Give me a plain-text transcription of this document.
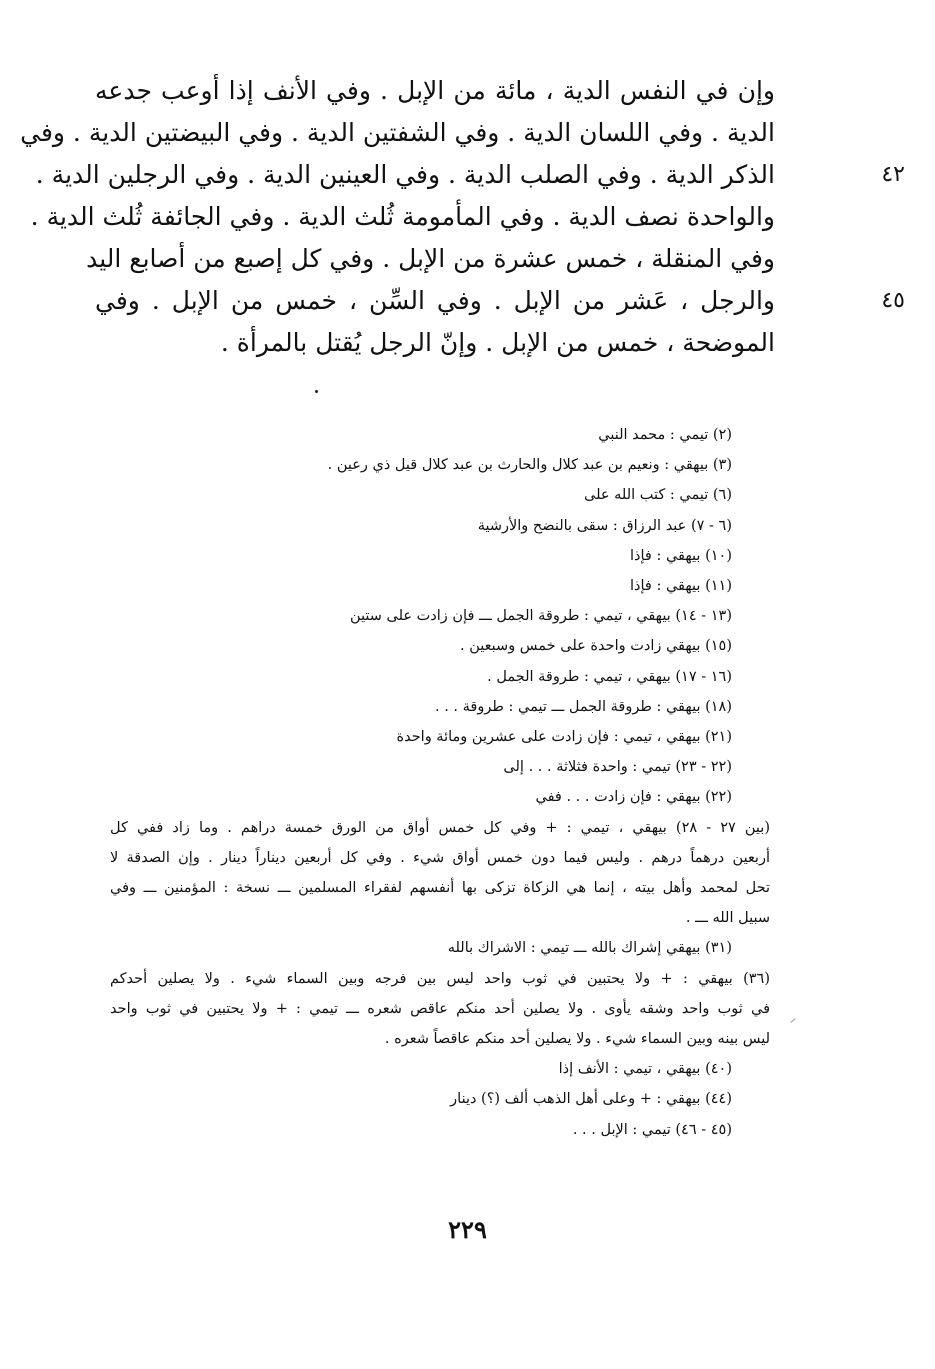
وإن في النفس الدية ، مائة من الإبل . وفي الأنف إذا أوعب جدعه
الدية . وفي اللسان الدية . وفي الشفتين الدية . وفي البيضتين الدية . وفي
٤٢
الذكر الدية . وفي الصلب الدية . وفي العينين الدية . وفي الرجلين الدية .
والواحدة نصف الدية . وفي المأمومة ثُلث الدية . وفي الجائفة ثُلث الدية .
وفي المنقلة ، خمس عشرة من الإبل . وفي كل إصبع من أصابع اليد
٤٥
والرجل ، عَشر من الإبل . وفي السِّن ، خمس من الإبل . وفي
الموضحة ، خمس من الإبل . وإنّ الرجل يُقتل بالمرأة .
(٢) تيمي : محمد النبي
(٣) بيهقي : ونعيم بن عبد كلال والحارث بن عبد كلال قيل ذي رعين .
(٦) تيمي : كتب الله على
(٦ - ٧) عبد الرزاق : سقى بالنضح والأرشية
(١٠) بيهقي : فإذا
(١١) بيهقي : فإذا
(١٣ - ١٤) بيهقي ، تيمي : طروقة الجمل ـــ فإن زادت على ستين
(١٥) بيهقي زادت واحدة على خمس وسبعين .
(١٦ - ١٧) بيهقي ، تيمي : طروقة الجمل .
(١٨) بيهقي : طروقة الجمل ـــ تيمي : طروقة . . .
(٢١) بيهقي ، تيمي : فإن زادت على عشرين ومائة واحدة
(٢٢ - ٢٣) تيمي : واحدة فثلاثة . . . إلى
(٢٢) بيهقي : فإن زادت . . . ففي
(بين ٢٧ - ٢٨) بيهقي ، تيمي : + وفي كل خمس أواق من الورق خمسة دراهم . وما زاد ففي كل
أربعين درهماً درهم . وليس فيما دون خمس أواق شيء . وفي كل أربعين ديناراً دينار . وإن الصدقة لا
تحل لمحمد وأهل بيته ، إنما هي الزكاة تزكى بها أنفسهم لفقراء المسلمين ـــ نسخة : المؤمنين ـــ وفي
سبيل الله ـــ .
(٣١) بيهقي إشراك بالله ـــ تيمي : الاشراك بالله
(٣٦) بيهقي : + ولا يحتبين في ثوب واحد ليس بين فرجه وبين السماء شيء . ولا يصلين أحدكم
في ثوب واحد وشقه يأوى . ولا يصلين أحد منكم عاقص شعره ـــ تيمي : + ولا يحتبين في ثوب واحد
ليس بينه وبين السماء شيء . ولا يصلين أحد منكم عاقصاً شعره .
(٤٠) بيهقي ، تيمي : الأنف إذا
(٤٤) بيهقي : + وعلى أهل الذهب ألف (؟) دينار
(٤٥ - ٤٦) تيمي : الإبل . . .
٢٢٩
